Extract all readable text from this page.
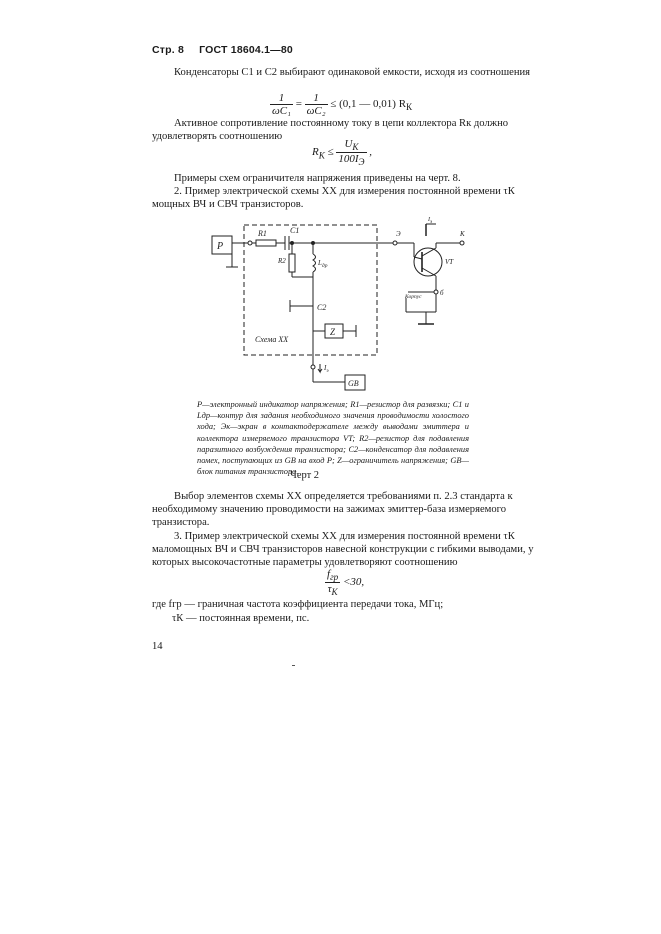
Стр. 8 ГОСТ 18604.1—80
Конденсаторы C1 и C2 выбирают одинаковой емкости, исходя из соотношения
$\frac{1}{\text{ωC₁}} = \frac{1}{\text{ωC₂}} \le (0,1$ — 0,01) $R_К$
Активное сопротивление постоянному току в цепи коллектора Rк должно удовлетворять соотношению
$R_К \le \frac{U_К}{100I_Э}$ ,
Примеры схем ограничителя напряжения приведены на черт. 8.
2. Пример электрической схемы XX для измерения постоянной времени τК мощных ВЧ и СВЧ транзисторов.
P
R1	C1
R2	$L_{др}$
C2
Z
Схема XX
GB
$I_э$
Э
VT
К
$I_э$
б
Корпус
P—электронный индикатор напряжения; R1—резистор для развязки; C1 и Lдр—контур для задания необходимого значения проводимости холостого хода; Эк—экран в контактодержателе между выводами эмиттера и коллектора измеряемого транзистора VT; R2—резистор для подавления паразитного возбуждения транзистора; C2—конденсатор для подавления помех, поступающих из GB на вход P; Z—ограничитель напряжения; GB—блок питания транзистора.
Черт 2
Выбор элементов схемы XX определяется требованиями п. 2.3 стандарта к необходимому значению проводимости на зажимах эмиттер-база измеряемого транзистора.
3. Пример электрической схемы XX для измерения постоянной времени τК маломощных ВЧ и СВЧ транзисторов навесной конструкции с гибкими выводами, у которых высокочастотные параметры удовлетворяют соотношению
$\frac{f_{гр}}{\tau_К} <30$,
где fгр — граничная частота коэффициента передачи тока, МГц;
τК — постоянная времени, пс.
14
